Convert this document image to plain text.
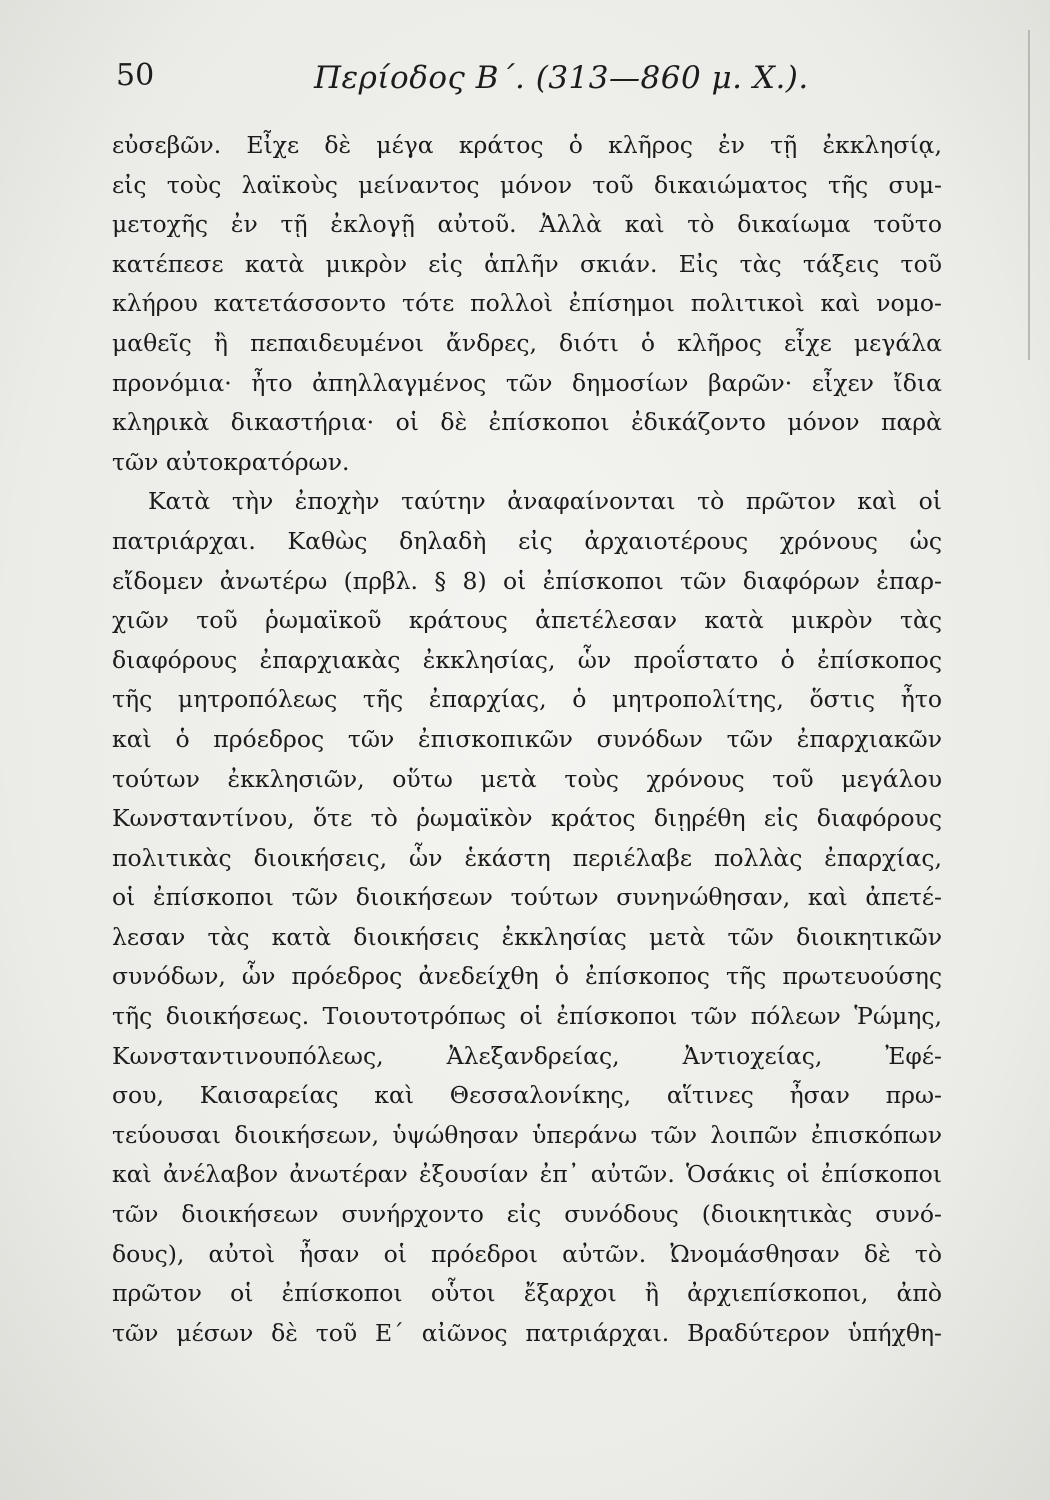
50	Περίοδος Β΄. (313—860 μ. Χ.).
εὐσεβῶν. Εἶχε δὲ μέγα κράτος ὁ κλῆρος ἐν τῇ ἐκκλησίᾳ,
εἰς τοὺς λαϊκοὺς μείναντος μόνον τοῦ δικαιώματος τῆς συμ-
μετοχῆς ἐν τῇ ἐκλογῇ αὐτοῦ. Ἀλλὰ καὶ τὸ δικαίωμα τοῦτο
κατέπεσε κατὰ μικρὸν εἰς ἁπλῆν σκιάν. Εἰς τὰς τάξεις τοῦ
κλήρου κατετάσσοντο τότε πολλοὶ ἐπίσημοι πολιτικοὶ καὶ νομο-
μαθεῖς ἢ πεπαιδευμένοι ἄνδρες, διότι ὁ κλῆρος εἶχε μεγάλα
προνόμια· ἦτο ἀπηλλαγμένος τῶν δημοσίων βαρῶν· εἶχεν ἴδια
κληρικὰ δικαστήρια· οἱ δὲ ἐπίσκοποι ἐδικάζοντο μόνον παρὰ
τῶν αὐτοκρατόρων.
Κατὰ τὴν ἐποχὴν ταύτην ἀναφαίνονται τὸ πρῶτον καὶ οἱ
πατριάρχαι. Καθὼς δηλαδὴ εἰς ἀρχαιοτέρους χρόνους ὡς
εἴδομεν ἀνωτέρω (πρβλ. § 8) οἱ ἐπίσκοποι τῶν διαφόρων ἐπαρ-
χιῶν τοῦ ῥωμαϊκοῦ κράτους ἀπετέλεσαν κατὰ μικρὸν τὰς
διαφόρους ἐπαρχιακὰς ἐκκλησίας, ὧν προΐστατο ὁ ἐπίσκοπος
τῆς μητροπόλεως τῆς ἐπαρχίας, ὁ μητροπολίτης, ὅστις ἦτο
καὶ ὁ πρόεδρος τῶν ἐπισκοπικῶν συνόδων τῶν ἐπαρχιακῶν
τούτων ἐκκλησιῶν, οὕτω μετὰ τοὺς χρόνους τοῦ μεγάλου
Κωνσταντίνου, ὅτε τὸ ῥωμαϊκὸν κράτος διῃρέθη εἰς διαφόρους
πολιτικὰς διοικήσεις, ὧν ἑκάστη περιέλαβε πολλὰς ἐπαρχίας,
οἱ ἐπίσκοποι τῶν διοικήσεων τούτων συνηνώθησαν, καὶ ἀπετέ-
λεσαν τὰς κατὰ διοικήσεις ἐκκλησίας μετὰ τῶν διοικητικῶν
συνόδων, ὧν πρόεδρος ἀνεδείχθη ὁ ἐπίσκοπος τῆς πρωτευούσης
τῆς διοικήσεως. Τοιουτοτρόπως οἱ ἐπίσκοποι τῶν πόλεων Ῥώμης,
Κωνσταντινουπόλεως, Ἀλεξανδρείας, Ἀντιοχείας, Ἐφέ-
σου, Καισαρείας καὶ Θεσσαλονίκης, αἵτινες ἦσαν πρω-
τεύουσαι διοικήσεων, ὑψώθησαν ὑπεράνω τῶν λοιπῶν ἐπισκόπων
καὶ ἀνέλαβον ἀνωτέραν ἐξουσίαν ἐπ᾽ αὐτῶν. Ὁσάκις οἱ ἐπίσκοποι
τῶν διοικήσεων συνήρχοντο εἰς συνόδους (διοικητικὰς συνό-
δους), αὐτοὶ ἦσαν οἱ πρόεδροι αὐτῶν. Ὠνομάσθησαν δὲ τὸ
πρῶτον οἱ ἐπίσκοποι οὗτοι ἔξαρχοι ἢ ἀρχιεπίσκοποι, ἀπὸ
τῶν μέσων δὲ τοῦ Ε΄ αἰῶνος πατριάρχαι. Βραδύτερον ὑπήχθη-
